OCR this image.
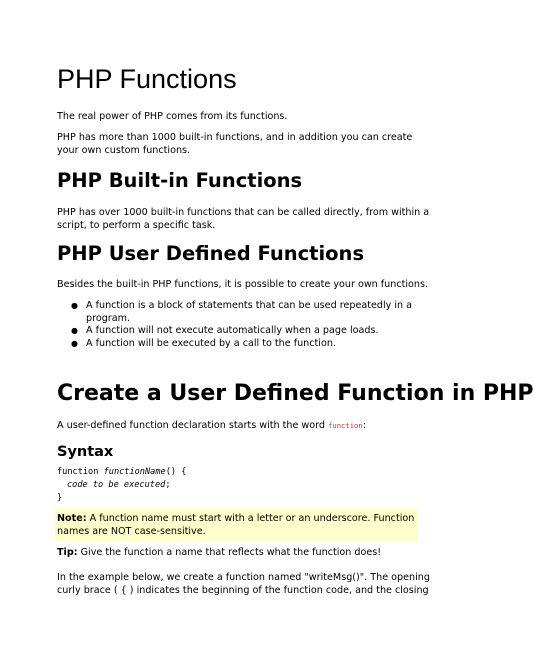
PHP Functions
The real power of PHP comes from its functions.
PHP has more than 1000 built-in functions, and in addition you can create
your own custom functions.
PHP Built-in Functions
PHP has over 1000 built-in functions that can be called directly, from within a
script, to perform a specific task.
PHP User Defined Functions
Besides the built-in PHP functions, it is possible to create your own functions.
● A function is a block of statements that can be used repeatedly in a
program.
● A function will not execute automatically when a page loads.
● A function will be executed by a call to the function.
Create a User Defined Function in PHP
A user-defined function declaration starts with the word function:
Syntax
function functionName() {
code to be executed;
}
Note: A function name must start with a letter or an underscore. Function
names are NOT case-sensitive.
Tip: Give the function a name that reflects what the function does!
In the example below, we create a function named "writeMsg()". The opening
curly brace ( { ) indicates the beginning of the function code, and the closing
